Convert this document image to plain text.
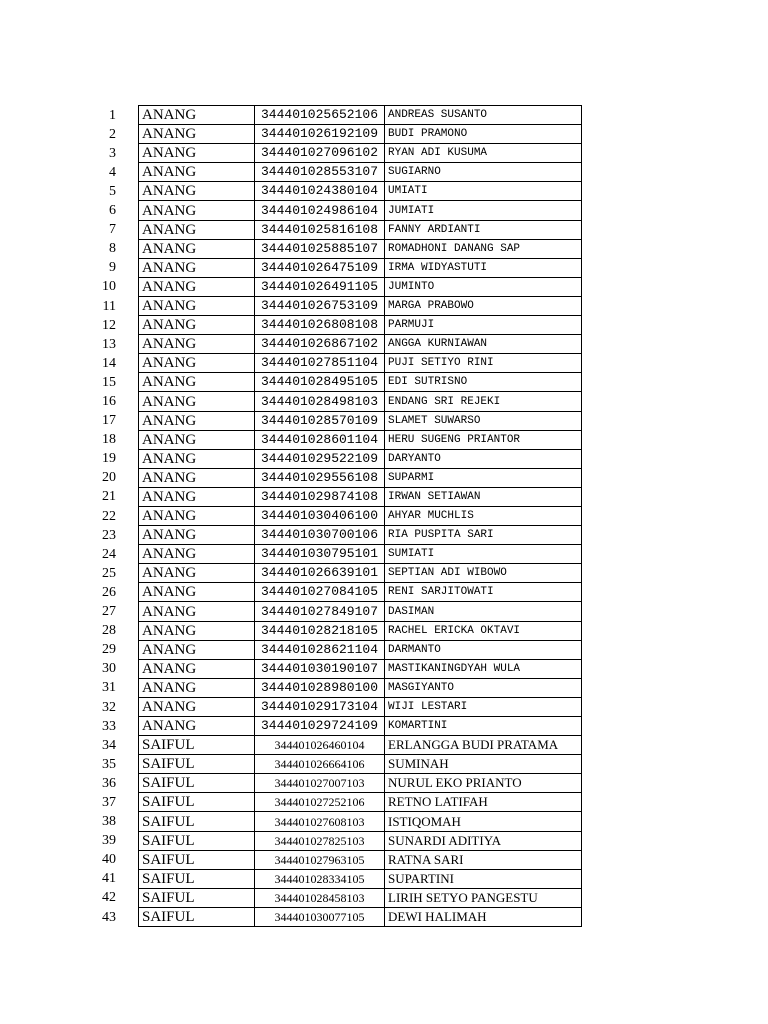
1	ANANG	344401025652106	ANDREAS SUSANTO
2	ANANG	344401026192109	BUDI PRAMONO
3	ANANG	344401027096102	RYAN ADI KUSUMA
4	ANANG	344401028553107	SUGIARNO
5	ANANG	344401024380104	UMIATI
6	ANANG	344401024986104	JUMIATI
7	ANANG	344401025816108	FANNY ARDIANTI
8	ANANG	344401025885107	ROMADHONI DANANG SAP
9	ANANG	344401026475109	IRMA WIDYASTUTI
10	ANANG	344401026491105	JUMINTO
11	ANANG	344401026753109	MARGA PRABOWO
12	ANANG	344401026808108	PARMUJI
13	ANANG	344401026867102	ANGGA KURNIAWAN
14	ANANG	344401027851104	PUJI SETIYO RINI
15	ANANG	344401028495105	EDI SUTRISNO
16	ANANG	344401028498103	ENDANG SRI REJEKI
17	ANANG	344401028570109	SLAMET SUWARSO
18	ANANG	344401028601104	HERU SUGENG PRIANTOR
19	ANANG	344401029522109	DARYANTO
20	ANANG	344401029556108	SUPARMI
21	ANANG	344401029874108	IRWAN SETIAWAN
22	ANANG	344401030406100	AHYAR MUCHLIS
23	ANANG	344401030700106	RIA PUSPITA SARI
24	ANANG	344401030795101	SUMIATI
25	ANANG	344401026639101	SEPTIAN ADI WIBOWO
26	ANANG	344401027084105	RENI SARJITOWATI
27	ANANG	344401027849107	DASIMAN
28	ANANG	344401028218105	RACHEL ERICKA OKTAVI
29	ANANG	344401028621104	DARMANTO
30	ANANG	344401030190107	MASTIKANINGDYAH WULA
31	ANANG	344401028980100	MASGIYANTO
32	ANANG	344401029173104	WIJI LESTARI
33	ANANG	344401029724109	KOMARTINI
34	SAIFUL	344401026460104	ERLANGGA BUDI PRATAMA
35	SAIFUL	344401026664106	SUMINAH
36	SAIFUL	344401027007103	NURUL EKO PRIANTO
37	SAIFUL	344401027252106	RETNO LATIFAH
38	SAIFUL	344401027608103	ISTIQOMAH
39	SAIFUL	344401027825103	SUNARDI ADITIYA
40	SAIFUL	344401027963105	RATNA SARI
41	SAIFUL	344401028334105	SUPARTINI
42	SAIFUL	344401028458103	LIRIH SETYO PANGESTU
43	SAIFUL	344401030077105	DEWI HALIMAH
